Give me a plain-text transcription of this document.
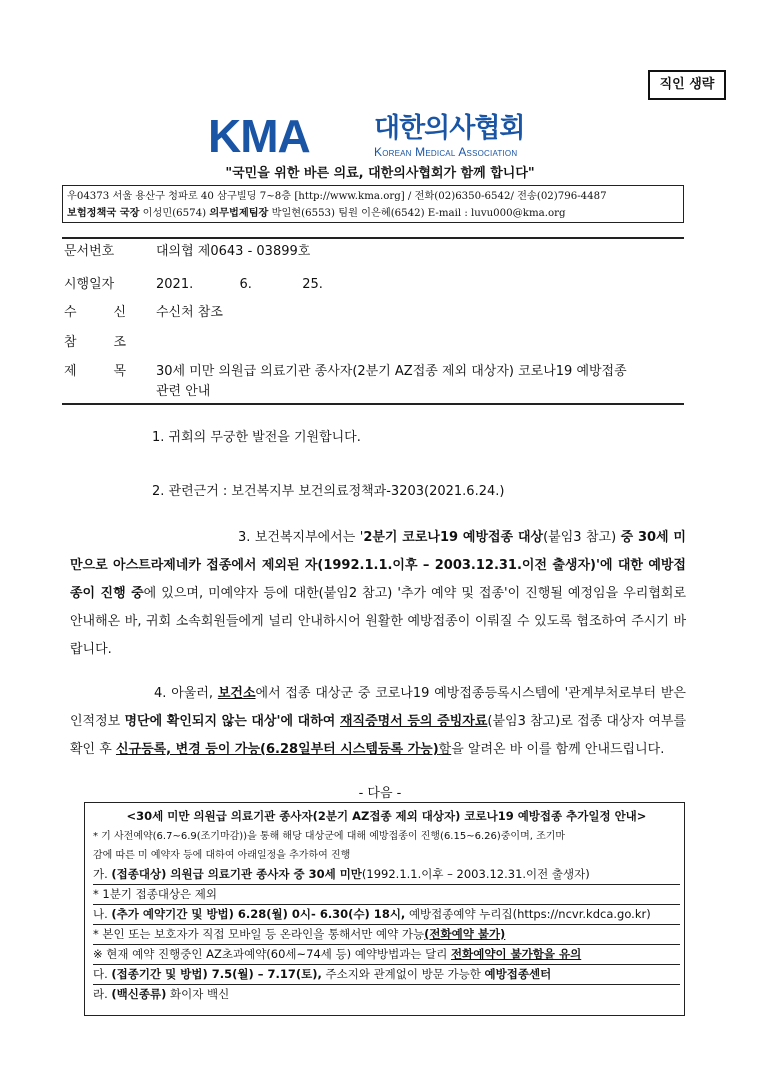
직인 생략
KMA 대한의사협회
Korean Medical Association
"국민을 위한 바른 의료, 대한의사협회가 함께 합니다"
우04373 서울 용산구 청파로 40 삼구빌딩 7~8층 [http://www.kma.org] / 전화(02)6350-6542/ 전송(02)796-4487
보험정책국 국장 이성민(6574) 의무법제팀장 박일현(6553) 팀원 이은혜(6542) E-mail : luvu000@kma.org
문서번호	대의협 제0643 - 03899호
시행일자	2021.	6.	25.
수	신 수신처 참조
참	조
제	목 30세 미만 의원급 의료기관 종사자(2분기 AZ접종 제외 대상자) 코로나19 예방접종
관련 안내
1. 귀회의 무궁한 발전을 기원합니다.
2. 관련근거 : 보건복지부 보건의료정책과-3203(2021.6.24.)
3. 보건복지부에서는 '2분기 코로나19 예방접종 대상(붙임3 참고) 중 30세 미만으로 아스트라제네카 접종에서 제외된 자(1992.1.1.이후 – 2003.12.31.이전 출생자)'에 대한 예방접종이 진행 중에 있으며, 미예약자 등에 대한(붙임2 참고) '추가 예약 및 접종'이 진행될 예정임을 우리협회로 안내해온 바, 귀회 소속회원들에게 널리 안내하시어 원활한 예방접종이 이뤄질 수 있도록 협조하여 주시기 바랍니다.
4. 아울러, 보건소에서 접종 대상군 중 코로나19 예방접종등록시스템에 '관계부처로부터 받은 인적정보 명단에 확인되지 않는 대상'에 대하여 재직증명서 등의 증빙자료(붙임3 참고)로 접종 대상자 여부를 확인 후 신규등록, 변경 등이 가능(6.28일부터 시스템등록 가능)함을 알려온 바 이를 함께 안내드립니다.
- 다음 -
<30세 미만 의원급 의료기관 종사자(2분기 AZ접종 제외 대상자) 코로나19 예방접종 추가일정 안내>
* 기 사전예약(6.7~6.9(조기마감))을 통해 해당 대상군에 대해 예방접종이 진행(6.15~6.26)중이며, 조기마
감에 따른 미 예약자 등에 대하여 아래일정을 추가하여 진행
가. (접종대상) 의원급 의료기관 종사자 중 30세 미만(1992.1.1.이후 – 2003.12.31.이전 출생자)
* 1분기 접종대상은 제외
나. (추가 예약기간 및 방법) 6.28(월) 0시- 6.30(수) 18시, 예방접종예약 누리집(https://ncvr.kdca.go.kr)
* 본인 또는 보호자가 직접 모바일 등 온라인을 통해서만 예약 가능(전화예약 불가)
※ 현재 예약 진행중인 AZ초과예약(60세~74세 등) 예약방법과는 달리 전화예약이 불가함을 유의
다. (접종기간 및 방법) 7.5(월) – 7.17(토), 주소지와 관계없이 방문 가능한 예방접종센터
라. (백신종류) 화이자 백신
